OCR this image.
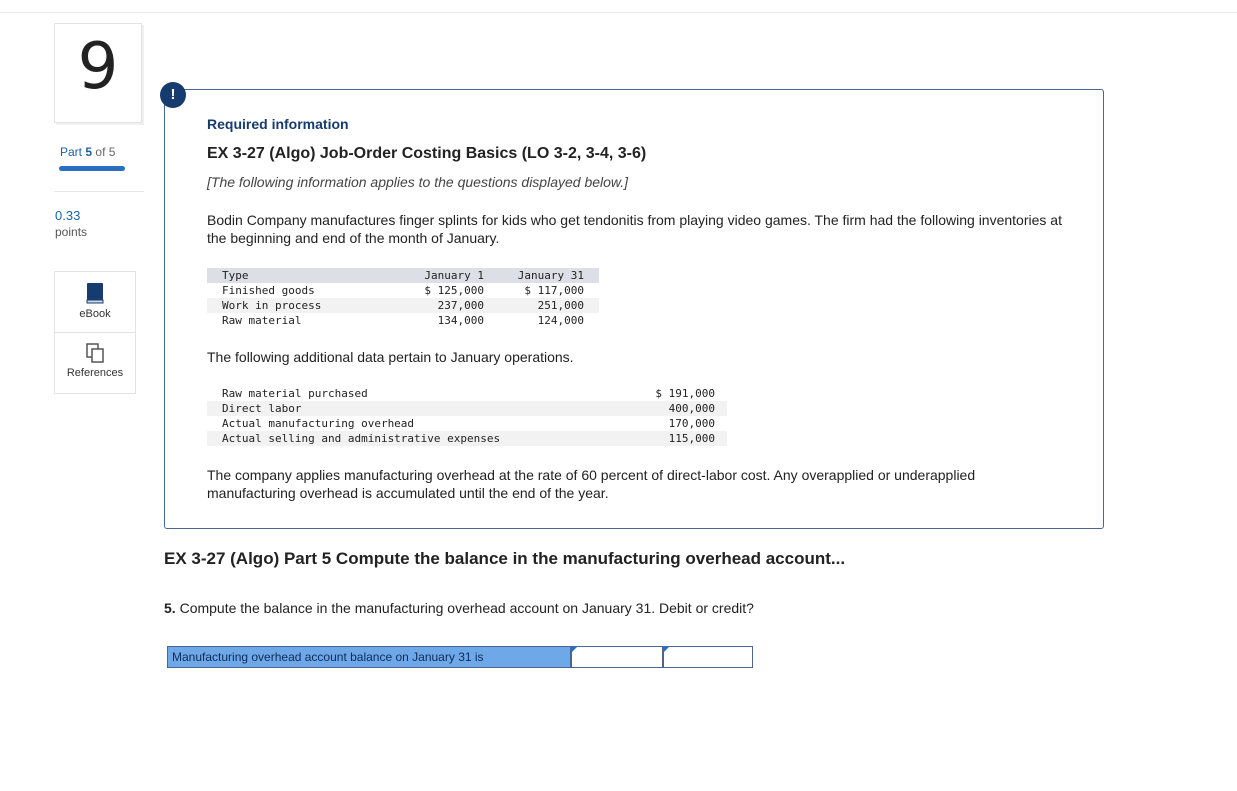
9
Part 5 of 5
0.33
points
eBook
References
!
Required information
EX 3-27 (Algo) Job-Order Costing Basics (LO 3-2, 3-4, 3-6)
[The following information applies to the questions displayed below.]
Bodin Company manufactures finger splints for kids who get tendonitis from playing video games. The firm had the following inventories at the beginning and end of the month of January.
Type	January 1	January 31
Finished goods	$ 125,000	$ 117,000
Work in process	237,000	251,000
Raw material	134,000	124,000
The following additional data pertain to January operations.
Raw material purchased	$ 191,000
Direct labor	400,000
Actual manufacturing overhead	170,000
Actual selling and administrative expenses	115,000
The company applies manufacturing overhead at the rate of 60 percent of direct-labor cost. Any overapplied or underapplied manufacturing overhead is accumulated until the end of the year.
EX 3-27 (Algo) Part 5 Compute the balance in the manufacturing overhead account...
5. Compute the balance in the manufacturing overhead account on January 31. Debit or credit?
Manufacturing overhead account balance on January 31 is
